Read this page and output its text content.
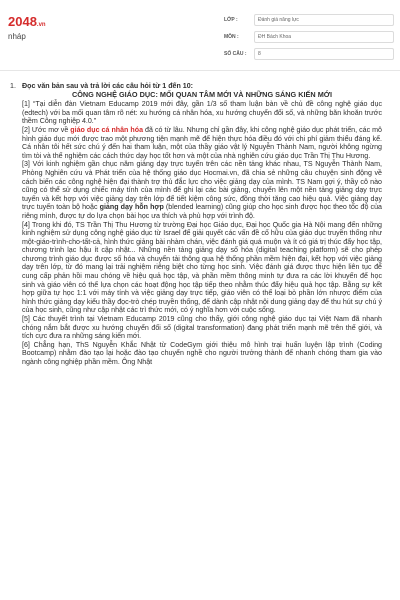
2048.vn
nháp
LỚP :	Đánh giá năng lực
MÔN :	ĐH Bách Khoa
SỐ CÂU :	8
1. Đọc văn bản sau và trả lời các câu hỏi từ 1 đến 10:

CÔNG NGHỆ GIÁO DỤC: MỐI QUAN TÂM MỚI VÀ NHỮNG SÁNG KIẾN MỚI

[1] “Tại diễn đàn Vietnam Educamp 2019 mới đây, gần 1/3 số tham luận bàn về chủ đề công nghệ giáo dục (edtech) với ba mối quan tâm rõ nét: xu hướng cá nhân hóa, xu hướng chuyển đổi số, và những băn khoăn trước thềm Công nghiệp 4.0.”

[2] Ước mơ về giáo dục cá nhân hóa đã có từ lâu. Nhưng chỉ gần đây, khi công nghệ giáo dục phát triển, các mô hình giáo dục mới được trao một phương tiện mạnh mẽ để hiện thực hóa điều đó với chi phí giảm thiểu đáng kể. Cá nhân tôi hết sức chú ý đến hai tham luận, một của thầy giáo vật lý Nguyễn Thành Nam, người không ngừng tìm tòi và thể nghiệm các cách thức dạy học tốt hơn và một của nhà nghiên cứu giáo dục Trần Thị Thu Hương.

[3] Với kinh nghiệm gần chục năm giảng dạy trực tuyến trên các nền tảng khác nhau, TS Nguyễn Thành Nam, Phòng Nghiên cứu và Phát triển của hệ thống giáo dục Hocmai.vn, đã chia sẻ những câu chuyện sinh động về cách biến các công nghệ hiện đại thành trợ thủ đắc lực cho việc giảng dạy của mình. TS Nam gợi ý, thầy cô nào cũng có thể sử dụng chiếc máy tính của mình để ghi lại các bài giảng, chuyển lên một nền tảng giảng dạy trực tuyến và kết hợp với việc giảng dạy trên lớp để tiết kiệm công sức, đồng thời tăng cao hiệu quả. Việc giảng dạy trực tuyến toàn bộ hoặc giảng dạy hỗn hợp (blended learning) cũng giúp cho học sinh được học theo tốc độ của riêng mình, được tự do lựa chọn bài học ưa thích và phù hợp với trình độ.

[4] Trong khi đó, TS Trần Thị Thu Hương từ trường Đại học Giáo dục, Đại học Quốc gia Hà Nội mang đến những kinh nghiệm sử dụng công nghệ giáo dục từ Israel để giải quyết các vấn đề cố hữu của giáo dục truyền thống như một-giáo-trình-cho-tất-cả, hình thức giảng bài nhàm chán, việc đánh giá quá muộn và ít có giá trị thúc đẩy học tập, chương trình lạc hậu ít cập nhật... Những nền tảng giảng dạy số hóa (digital teaching platform) sẽ cho phép chương trình giáo dục được số hóa và chuyển tải thông qua hệ thống phần mềm hiện đại, kết hợp với việc giảng dạy trên lớp, từ đó mang lại trải nghiệm riêng biệt cho từng học sinh. Việc đánh giá được thực hiện liên tục để cung cấp phản hồi mau chóng về hiệu quả học tập, và phần mềm thông minh tự đưa ra các lời khuyến để học sinh và giáo viên có thể lựa chọn các hoạt động học tập tiếp theo nhằm thúc đẩy hiệu quả học tập. Bằng sự kết hợp giữa tự học 1:1 với máy tính và việc giảng dạy trực tiếp, giáo viên có thể loại bỏ phần lớn nhược điểm của hình thức giảng dạy kiểu thầy đọc-trò chép truyền thống, để dành cập nhật nội dung giảng dạy để thu hút sự chú ý của học sinh, cũng như cập nhật các trì thức mới, có ý nghĩa hơn với cuộc sống.

[5] Các thuyết trình tại Vietnam Educamp 2019 cũng cho thấy, giới công nghệ giáo dục tại Việt Nam đã nhanh chóng nắm bắt được xu hướng chuyển đổi số (digital transformation) đang phát triển mạnh mẽ trên thế giới, và tích cực đưa ra những sáng kiến mới.

[6] Chẳng hạn, ThS Nguyễn Khắc Nhật từ CodeGym giới thiệu mô hình trại huấn luyện lập trình (Coding Bootcamp) nhằm đào tạo lại hoặc đào tạo chuyển nghề cho người trưởng thành để nhanh chóng tham gia vào ngành công nghiệp phần mềm. Ông Nhật
